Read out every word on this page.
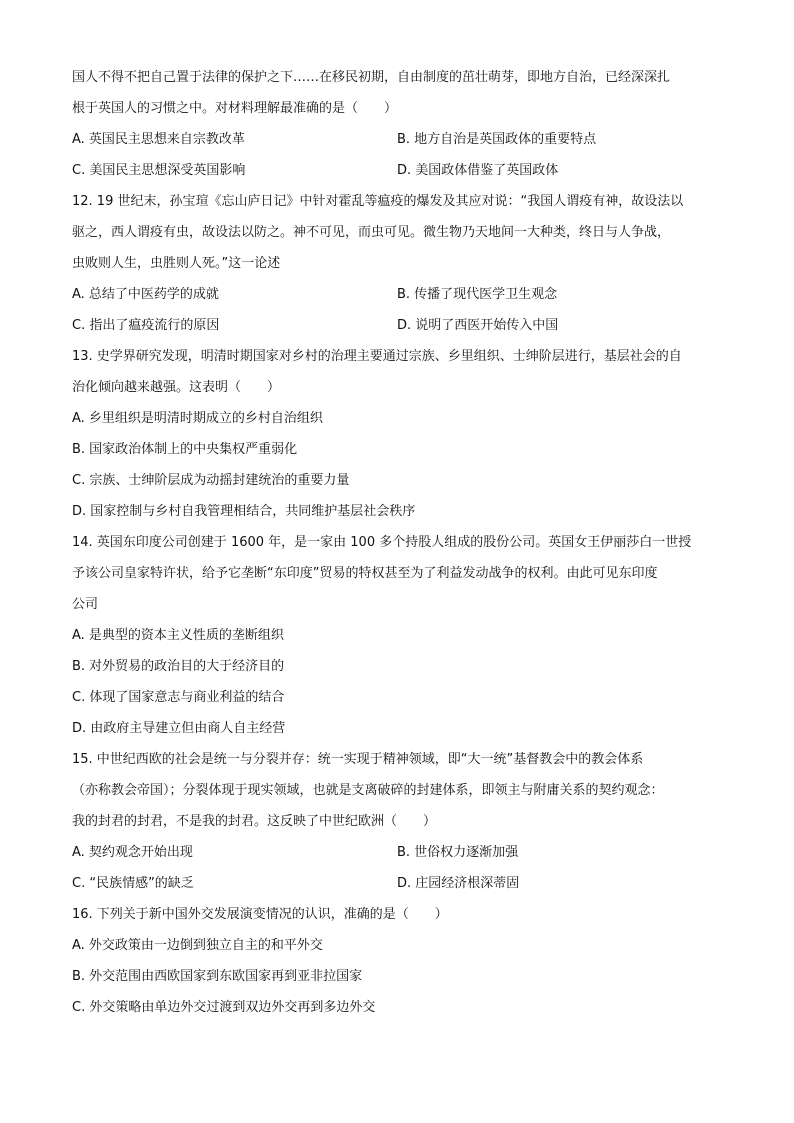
国人不得不把自己置于法律的保护之下……在移民初期，自由制度的茁壮萌芽，即地方自治，已经深深扎
根于英国人的习惯之中。对材料理解最准确的是（　　）
A. 英国民主思想来自宗教改革	B. 地方自治是英国政体的重要特点
C. 美国民主思想深受英国影响	D. 美国政体借鉴了英国政体
12. 19 世纪末，孙宝瑄《忘山庐日记》中针对霍乱等瘟疫的爆发及其应对说：“我国人谓疫有神，故设法以
驱之，西人谓疫有虫，故设法以防之。神不可见，而虫可见。微生物乃天地间一大种类，终日与人争战，
虫败则人生，虫胜则人死。”这一论述
A. 总结了中医药学的成就	B. 传播了现代医学卫生观念
C. 指出了瘟疫流行的原因	D. 说明了西医开始传入中国
13. 史学界研究发现，明清时期国家对乡村的治理主要通过宗族、乡里组织、士绅阶层进行，基层社会的自
治化倾向越来越强。这表明（　　）
A. 乡里组织是明清时期成立的乡村自治组织
B. 国家政治体制上的中央集权严重弱化
C. 宗族、士绅阶层成为动摇封建统治的重要力量
D. 国家控制与乡村自我管理相结合，共同维护基层社会秩序
14. 英国东印度公司创建于 1600 年，是一家由 100 多个持股人组成的股份公司。英国女王伊丽莎白一世授
予该公司皇家特许状，给予它垄断“东印度”贸易的特权甚至为了利益发动战争的权利。由此可见东印度
公司
A. 是典型的资本主义性质的垄断组织
B. 对外贸易的政治目的大于经济目的
C. 体现了国家意志与商业利益的结合
D. 由政府主导建立但由商人自主经营
15. 中世纪西欧的社会是统一与分裂并存：统一实现于精神领域，即“大一统”基督教会中的教会体系
（亦称教会帝国）；分裂体现于现实领域，也就是支离破碎的封建体系，即领主与附庸关系的契约观念：
我的封君的封君，不是我的封君。这反映了中世纪欧洲（　　）
A. 契约观念开始出现	B. 世俗权力逐渐加强
C. “民族情感”的缺乏	D. 庄园经济根深蒂固
16. 下列关于新中国外交发展演变情况的认识，准确的是（　　）
A. 外交政策由一边倒到独立自主的和平外交
B. 外交范围由西欧国家到东欧国家再到亚非拉国家
C. 外交策略由单边外交过渡到双边外交再到多边外交
